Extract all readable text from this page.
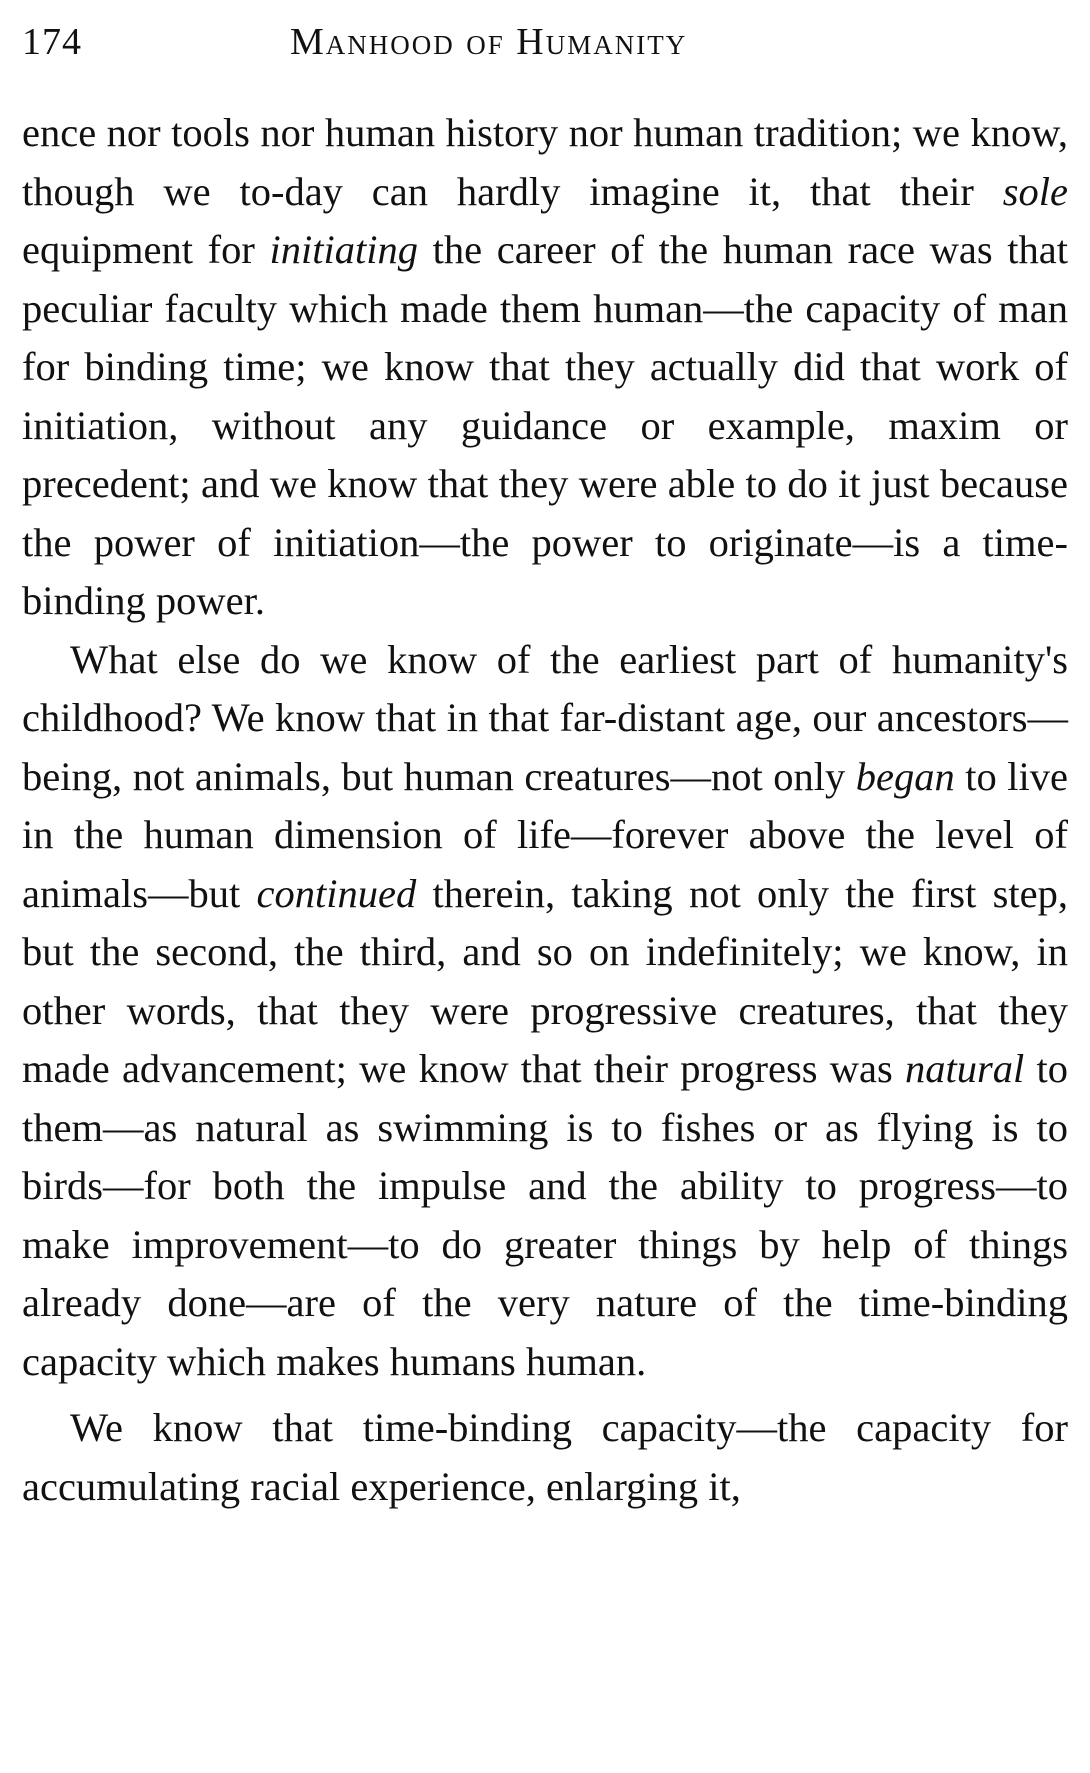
174	Manhood of Humanity

ence nor tools nor human history nor human tradition; we know, though we to-day can hardly imagine it, that their sole equipment for initiating the career of the human race was that peculiar faculty which made them human—the capacity of man for binding time; we know that they actually did that work of initiation, without any guidance or example, maxim or precedent; and we know that they were able to do it just because the power of initiation—the power to originate—is a time-binding power.

What else do we know of the earliest part of humanity's childhood? We know that in that far-distant age, our ancestors—being, not animals, but human creatures—not only began to live in the human dimension of life—forever above the level of animals—but continued therein, taking not only the first step, but the second, the third, and so on indefinitely; we know, in other words, that they were progressive creatures, that they made advancement; we know that their progress was natural to them—as natural as swimming is to fishes or as flying is to birds—for both the impulse and the ability to progress—to make improvement—to do greater things by help of things already done—are of the very nature of the time-binding capacity which makes humans human.

We know that time-binding capacity—the capacity for accumulating racial experience, enlarging it,
